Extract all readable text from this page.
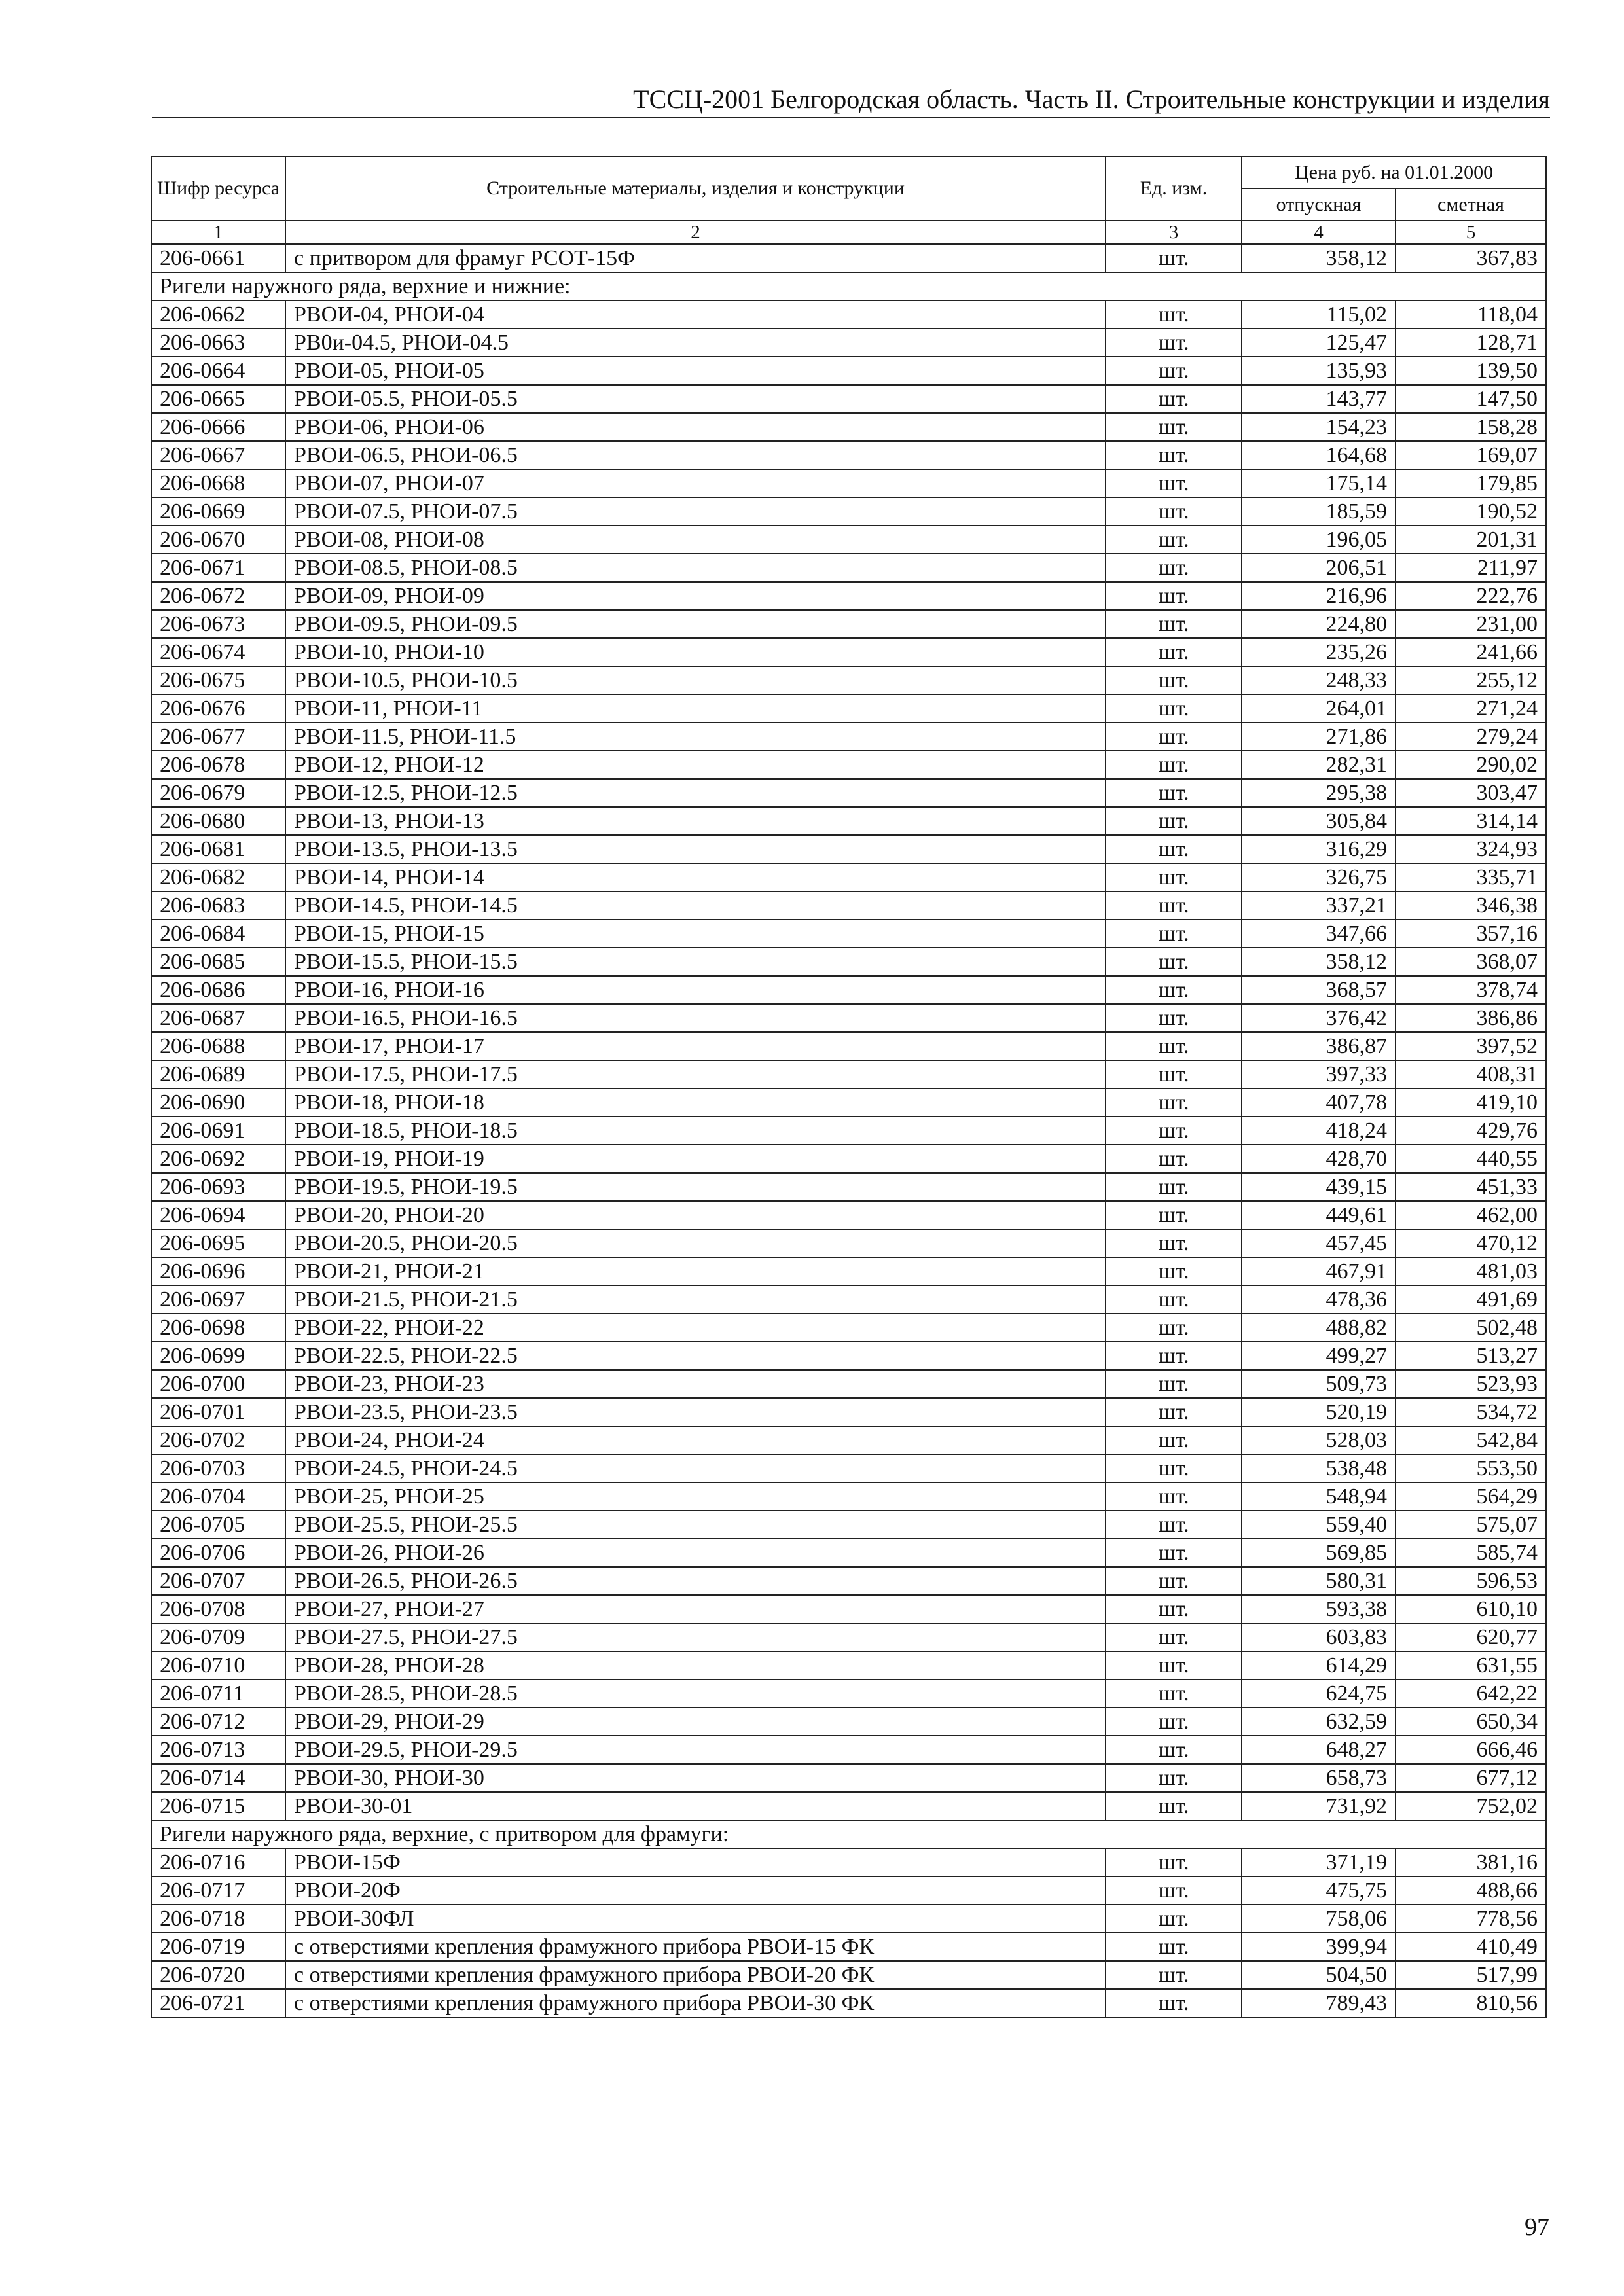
ТССЦ-2001 Белгородская область. Часть II. Строительные конструкции и изделия
Шифр ресурса	Строительные материалы, изделия и конструкции	Ед. изм.	Цена руб. на 01.01.2000	
			отпускная	сметная
1	2	3	4	5
206-0661	с притвором для фрамуг РСОТ-15Ф	шт.	358,12	367,83
Ригели наружного ряда, верхние и нижние:				
206-0662	РВОИ-04, РНОИ-04	шт.	115,02	118,04
206-0663	РВ0и-04.5, РНОИ-04.5	шт.	125,47	128,71
206-0664	РВОИ-05, РНОИ-05	шт.	135,93	139,50
206-0665	РВОИ-05.5, РНОИ-05.5	шт.	143,77	147,50
206-0666	РВОИ-06, РНОИ-06	шт.	154,23	158,28
206-0667	РВОИ-06.5, РНОИ-06.5	шт.	164,68	169,07
206-0668	РВОИ-07, РНОИ-07	шт.	175,14	179,85
206-0669	РВОИ-07.5, РНОИ-07.5	шт.	185,59	190,52
206-0670	РВОИ-08, РНОИ-08	шт.	196,05	201,31
206-0671	РВОИ-08.5, РНОИ-08.5	шт.	206,51	211,97
206-0672	РВОИ-09, РНОИ-09	шт.	216,96	222,76
206-0673	РВОИ-09.5, РНОИ-09.5	шт.	224,80	231,00
206-0674	РВОИ-10, РНОИ-10	шт.	235,26	241,66
206-0675	РВОИ-10.5, РНОИ-10.5	шт.	248,33	255,12
206-0676	РВОИ-11, РНОИ-11	шт.	264,01	271,24
206-0677	РВОИ-11.5, РНОИ-11.5	шт.	271,86	279,24
206-0678	РВОИ-12, РНОИ-12	шт.	282,31	290,02
206-0679	РВОИ-12.5, РНОИ-12.5	шт.	295,38	303,47
206-0680	РВОИ-13, РНОИ-13	шт.	305,84	314,14
206-0681	РВОИ-13.5, РНОИ-13.5	шт.	316,29	324,93
206-0682	РВОИ-14, РНОИ-14	шт.	326,75	335,71
206-0683	РВОИ-14.5, РНОИ-14.5	шт.	337,21	346,38
206-0684	РВОИ-15, РНОИ-15	шт.	347,66	357,16
206-0685	РВОИ-15.5, РНОИ-15.5	шт.	358,12	368,07
206-0686	РВОИ-16, РНОИ-16	шт.	368,57	378,74
206-0687	РВОИ-16.5, РНОИ-16.5	шт.	376,42	386,86
206-0688	РВОИ-17, РНОИ-17	шт.	386,87	397,52
206-0689	РВОИ-17.5, РНОИ-17.5	шт.	397,33	408,31
206-0690	РВОИ-18, РНОИ-18	шт.	407,78	419,10
206-0691	РВОИ-18.5, РНОИ-18.5	шт.	418,24	429,76
206-0692	РВОИ-19, РНОИ-19	шт.	428,70	440,55
206-0693	РВОИ-19.5, РНОИ-19.5	шт.	439,15	451,33
206-0694	РВОИ-20, РНОИ-20	шт.	449,61	462,00
206-0695	РВОИ-20.5, РНОИ-20.5	шт.	457,45	470,12
206-0696	РВОИ-21, РНОИ-21	шт.	467,91	481,03
206-0697	РВОИ-21.5, РНОИ-21.5	шт.	478,36	491,69
206-0698	РВОИ-22, РНОИ-22	шт.	488,82	502,48
206-0699	РВОИ-22.5, РНОИ-22.5	шт.	499,27	513,27
206-0700	РВОИ-23, РНОИ-23	шт.	509,73	523,93
206-0701	РВОИ-23.5, РНОИ-23.5	шт.	520,19	534,72
206-0702	РВОИ-24, РНОИ-24	шт.	528,03	542,84
206-0703	РВОИ-24.5, РНОИ-24.5	шт.	538,48	553,50
206-0704	РВОИ-25, РНОИ-25	шт.	548,94	564,29
206-0705	РВОИ-25.5, РНОИ-25.5	шт.	559,40	575,07
206-0706	РВОИ-26, РНОИ-26	шт.	569,85	585,74
206-0707	РВОИ-26.5, РНОИ-26.5	шт.	580,31	596,53
206-0708	РВОИ-27, РНОИ-27	шт.	593,38	610,10
206-0709	РВОИ-27.5, РНОИ-27.5	шт.	603,83	620,77
206-0710	РВОИ-28, РНОИ-28	шт.	614,29	631,55
206-0711	РВОИ-28.5, РНОИ-28.5	шт.	624,75	642,22
206-0712	РВОИ-29, РНОИ-29	шт.	632,59	650,34
206-0713	РВОИ-29.5, РНОИ-29.5	шт.	648,27	666,46
206-0714	РВОИ-30, РНОИ-30	шт.	658,73	677,12
206-0715	РВОИ-30-01	шт.	731,92	752,02
Ригели наружного ряда, верхние, с притвором для фрамуги:				
206-0716	РВОИ-15Ф	шт.	371,19	381,16
206-0717	РВОИ-20Ф	шт.	475,75	488,66
206-0718	РВОИ-30ФЛ	шт.	758,06	778,56
206-0719	с отверстиями крепления фрамужного прибора РВОИ-15 ФК	шт.	399,94	410,49
206-0720	с отверстиями крепления фрамужного прибора РВОИ-20 ФК	шт.	504,50	517,99
206-0721	с отверстиями крепления фрамужного прибора РВОИ-30 ФК	шт.	789,43	810,56
97
